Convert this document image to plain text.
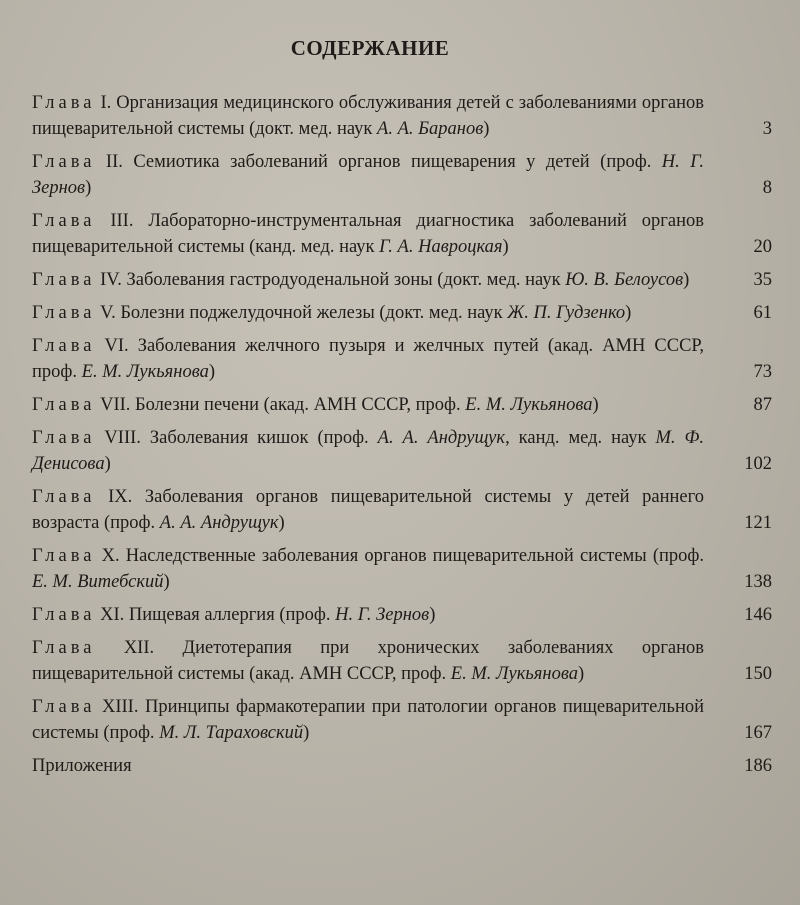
СОДЕРЖАНИЕ
Глава I. Организация медицинского обслуживания детей с заболеваниями органов пищеварительной системы (докт. мед. наук А. А. Баранов)	3
Глава II. Семиотика заболеваний органов пищеварения у детей (проф. Н. Г. Зернов)	8
Глава III. Лабораторно-инструментальная диагностика заболеваний органов пищеварительной системы (канд. мед. наук Г. А. Навроцкая)	20
Глава IV. Заболевания гастродуоденальной зоны (докт. мед. наук Ю. В. Белоусов)	35
Глава V. Болезни поджелудочной железы (докт. мед. наук Ж. П. Гудзенко)	61
Глава VI. Заболевания желчного пузыря и желчных путей (акад. АМН СССР, проф. Е. М. Лукьянова)	73
Глава VII. Болезни печени (акад. АМН СССР, проф. Е. М. Лукьянова)	87
Глава VIII. Заболевания кишок (проф. А. А. Андрущук, канд. мед. наук М. Ф. Денисова)	102
Глава IX. Заболевания органов пищеварительной системы у детей раннего возраста (проф. А. А. Андрущук)	121
Глава X. Наследственные заболевания органов пищеварительной системы (проф. Е. М. Витебский)	138
Глава XI. Пищевая аллергия (проф. Н. Г. Зернов)	146
Глава XII. Диетотерапия при хронических заболеваниях органов пищеварительной системы (акад. АМН СССР, проф. Е. М. Лукьянова)	150
Глава XIII. Принципы фармакотерапии при патологии органов пищеварительной системы (проф. М. Л. Тараховский)	167
Приложения	186
